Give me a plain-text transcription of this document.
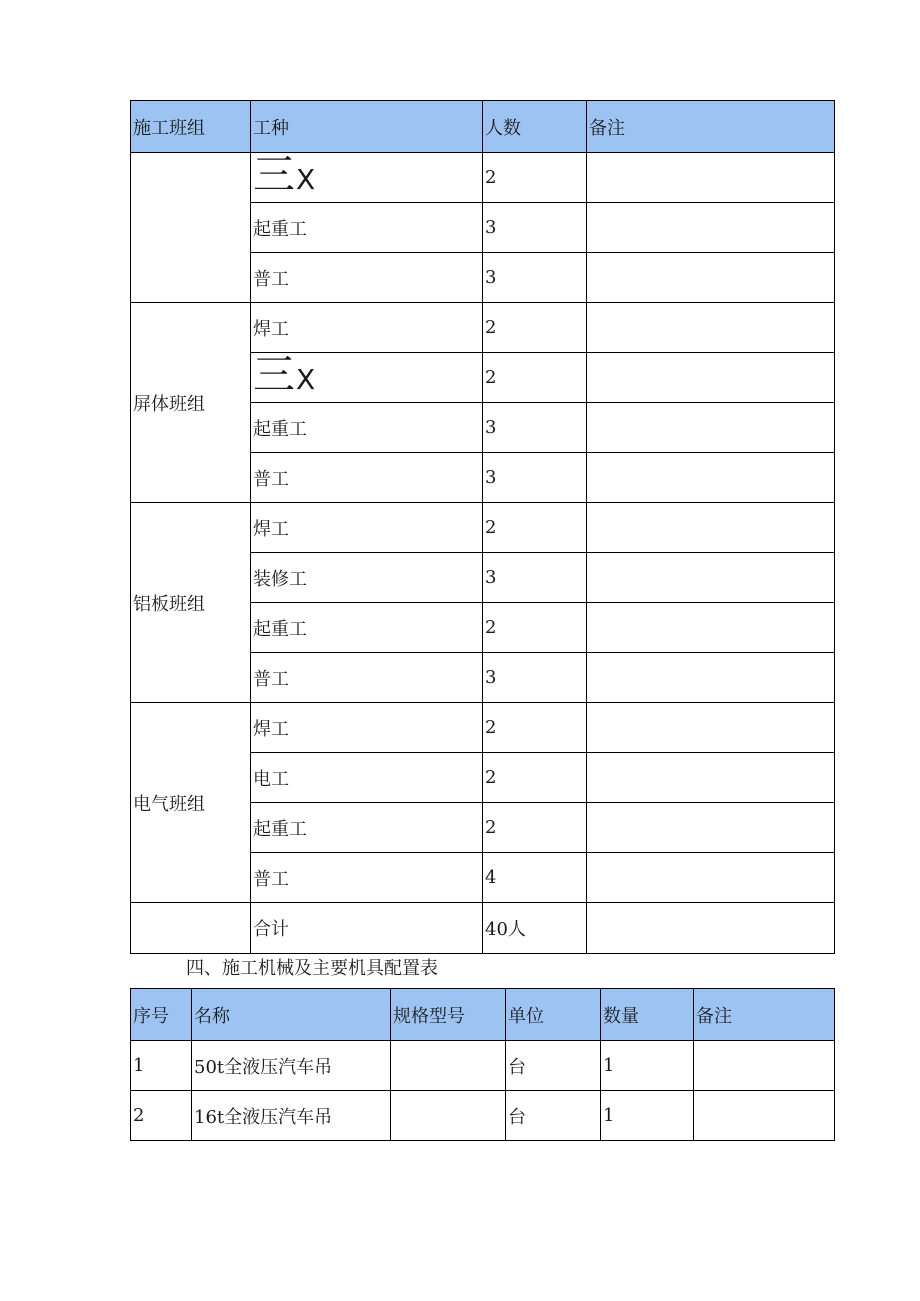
施工班组	工种	人数	备注
	三X	2	
	起重工	3	
	普工	3	
屏体班组	焊工	2	
	三X	2	
	起重工	3	
	普工	3	
铝板班组	焊工	2	
	装修工	3	
	起重工	2	
	普工	3	
电气班组	焊工	2	
	电工	2	
	起重工	2	
	普工	4	
	合计	40人	

四、施工机械及主要机具配置表

序号	名称	规格型号	单位	数量	备注
1	50t全液压汽车吊		台	1	
2	16t全液压汽车吊		台	1	
